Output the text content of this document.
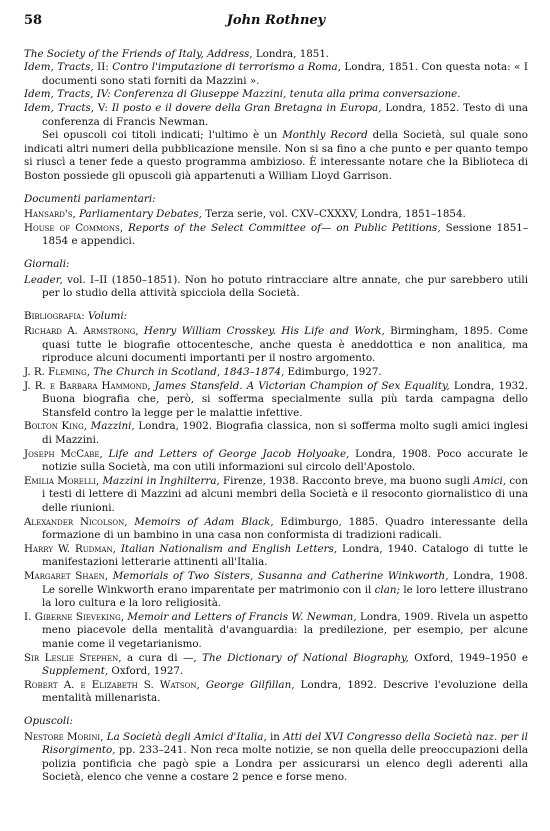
58	John Rothney

The Society of the Friends of Italy, Address, Londra, 1851.

Idem, Tracts, II: Contro l'imputazione di terrorismo a Roma, Londra, 1851. Con questa nota: « I documenti sono stati forniti da Mazzini ».

Idem, Tracts, IV: Conferenza di Giuseppe Mazzini, tenuta alla prima conversazione.

Idem, Tracts, V: Il posto e il dovere della Gran Bretagna in Europa, Londra, 1852. Testo di una conferenza di Francis Newman.

Sei opuscoli coi titoli indicati; l'ultimo è un Monthly Record della Società, sul quale sono indicati altri numeri della pubblicazione mensile. Non si sa fino a che punto e per quanto tempo si riuscì a tener fede a questo programma ambizioso. È interessante notare che la Biblioteca di Boston possiede gli opuscoli già appartenuti a William Lloyd Garrison.

Documenti parlamentari:

Hansard's, Parliamentary Debates, Terza serie, vol. CXV–CXXXV, Londra, 1851–1854.

House of Commons, Reports of the Select Committee of— on Public Petitions, Sessione 1851–1854 e appendici.

Giornali:

Leader, vol. I–II (1850–1851). Non ho potuto rintracciare altre annate, che pur sarebbero utili per lo studio della attività spicciola della Società.

Bibliografia: Volumi:

Richard A. Armstrong, Henry William Crosskey. His Life and Work, Birmingham, 1895. Come quasi tutte le biografie ottocentesche, anche questa è aneddottica e non analitica, ma riproduce alcuni documenti importanti per il nostro argomento.

J. R. Fleming, The Church in Scotland, 1843–1874, Edimburgo, 1927.

J. R. e Barbara Hammond, James Stansfeld. A Victorian Champion of Sex Equality, Londra, 1932. Buona biografia che, però, si sofferma specialmente sulla più tarda campagna dello Stansfeld contro la legge per le malattie infettive.

Bolton King, Mazzini, Londra, 1902. Biografia classica, non si sofferma molto sugli amici inglesi di Mazzini.

Joseph McCabe, Life and Letters of George Jacob Holyoake, Londra, 1908. Poco accurate le notizie sulla Società, ma con utili informazioni sul circolo dell'Apostolo.

Emilia Morelli, Mazzini in Inghilterra, Firenze, 1938. Racconto breve, ma buono sugli Amici, con i testi di lettere di Mazzini ad alcuni membri della Società e il resoconto giornalistico di una delle riunioni.

Alexander Nicolson, Memoirs of Adam Black, Edimburgo, 1885. Quadro interessante della formazione di un bambino in una casa non conformista di tradizioni radicali.

Harry W. Rudman, Italian Nationalism and English Letters, Londra, 1940. Catalogo di tutte le manifestazioni letterarie attinenti all'Italia.

Margaret Shaen, Memorials of Two Sisters, Susanna and Catherine Winkworth, Londra, 1908. Le sorelle Winkworth erano imparentate per matrimonio con il clan; le loro lettere illustrano la loro cultura e la loro religiosità.

I. Giberne Sieveking, Memoir and Letters of Francis W. Newman, Londra, 1909. Rivela un aspetto meno piacevole della mentalità d'avanguardia: la predilezione, per esempio, per alcune manie come il vegetarianismo.

Sir Leslie Stephen, a cura di —, The Dictionary of National Biography, Oxford, 1949–1950 e Supplement, Oxford, 1927.

Robert A. e Elizabeth S. Watson, George Gilfillan, Londra, 1892. Descrive l'evoluzione della mentalità millenarista.

Opuscoli:

Nestore Morini, La Società degli Amici d'Italia, in Atti del XVI Congresso della Società naz. per il Risorgimento, pp. 233–241. Non reca molte notizie, se non quella delle preoccupazioni della polizia pontificia che pagò spie a Londra per assicurarsi un elenco degli aderenti alla Società, elenco che venne a costare 2 pence e forse meno.
